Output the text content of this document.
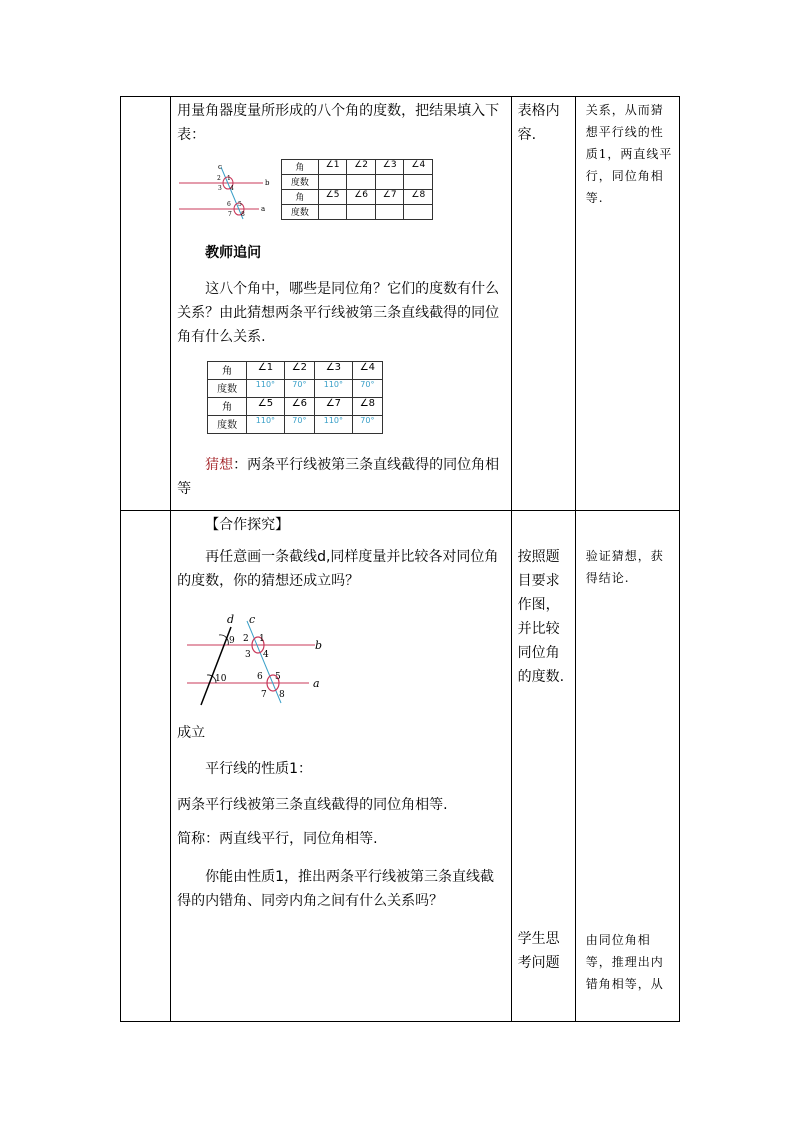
用量角器度量所形成的八个角的度数，把结果填入下表：

c
b
a
1
2
3 4
5
6
7 8
角	∠1	∠2	∠3	∠4
度数				
角	∠5	∠6	∠7	∠8
度数				

教师追问

这八个角中，哪些是同位角？它们的度数有什么关系？由此猜想两条平行线被第三条直线截得的同位角有什么关系.

角	∠1	∠2	∠3	∠4
度数	110°	70°	110°	70°
角	∠5	∠6	∠7	∠8
度数	110°	70°	110°	70°

猜想：两条平行线被第三条直线截得的同位角相等

表格内容.

关系，从而猜想平行线的性质1，两直线平行，同位角相等.

【合作探究】

再任意画一条截线d,同样度量并比较各对同位角的度数，你的猜想还成立吗？

d c
b
a
1
2
3 4
5
6
7 8
9
10

成立

平行线的性质1：

两条平行线被第三条直线截得的同位角相等.

简称：两直线平行，同位角相等.

你能由性质1，推出两条平行线被第三条直线截得的内错角、同旁内角之间有什么关系吗？

按照题目要求作图，并比较同位角的度数.
学生思考问题

验证猜想，获得结论.
由同位角相等，推理出内错角相等，从
